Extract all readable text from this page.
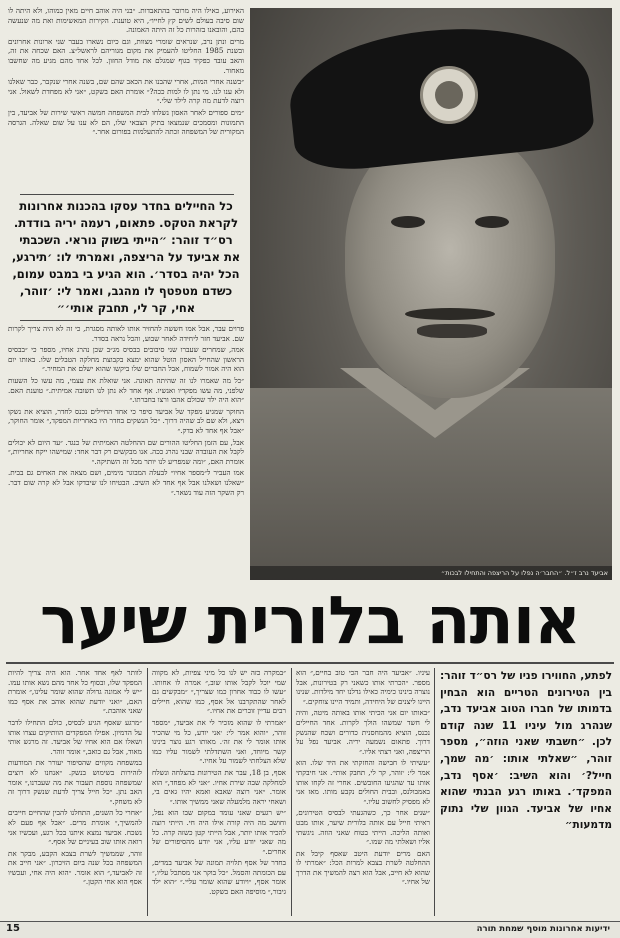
האירוע, כאילו היה מרובר בהתאבדות. ״בני היה אוהב חיים מאין כמוהו, ולא היתה לו שום סיבה בעולם לשים קץ לחייו״, היא טוענת. הקירות המאשימות ואת מה שנעשה בהם, והובאנו בזהרות כל זה היתה האמונה.

מרים ונתן נרב, שנראים שומרי מצוות, וגם כיום נשארו בעבר שני ארונות אחרונים ובשנת 1985 החליטו להעמיק את מקום מגוריהם לראשל״צ. האם שכחה את זה, והאב עובד כפקיד בגוף שמגלם את מודל החזון. לכל אחד מהם מגיע מה שחשבו מאחור.

״בשנה אחרי המות, אחרי שהבנו את הכאב שהם שם, בשנה אחרי שנקבר, כבר שאלנו ולא ענו לנו. מי נתן לו למות ככה?״ אומרת האם בשקט, ״אני לא מפחדת לשאול. אני רוצה לדעת מה קרה לילד שלי.״

״מים ספורים לאחר האסון נשלחו לבית המשפחה חמשה ראשי שירות של אביעד, בין התמונות ומסמכים שנמצאו בתיק הצבאי שלו, הם לא ענו על שום שאלה. הגרסה המקורית של המשפחה זכתה להתעלמות בפורום אחר.״

כל החיילים בחדר עסקו בהכנות אחרונות לקראת הטקס. פתאום, רעמה יריה בודדת. רס״ד זוהר: ״הייתי בשוק נוראי. השכבתי את אביעד על הריצפה, ואמרתי לו: ׳תירגע, הכל יהיה בסדר׳. הוא הגיע בי במבט עמום, כשדם מטפטף לו מהגב, ואמר לי: ׳זוהר, אחי, קר לי, תחבק אותי׳״

פרוים עבר, אבל אמו חששה להחזיר אותו לאותה מסגרת, כי זה לא היה צריך לקרות שם. אביעד חזר ליחידה לאחר שבוע, והכל נראה בסדר.

אמה, שמחרים שעברו שני סיבובים בבסיס מג״ב שכן נהרג אחיו, מספר כי ״בבסיס הראשון שהחייל האסון הוטל שהוא ימצא בקבוצת מחלקה הטבלים שלו. באותו יום הוא היה אמור לשמוח, אבל החברים שלו ביקשו שהוא ישלם את המחיר.״

״כל מה שאמרו לנו זה שהיתה תאונה. אני שואלת את עצמי, מה עשו כל השעות שלפני, מה עשו מפקדיו ואנשיו. אף אחד לא נתן לנו תשובה אמיתית.״ טוענת האם. ״הוא היה ילד שכולם אהבו ורצו בחברתו.״

החוקר שמגיע מפקד של אביעד סיפר כי אחד החיילים נכנס לחדר, הוציא את נשקו ויצא, ולא שם לב שהיה דרוך. ״כל הנשקים בחדר היו באחריות המפקד,״ אומר החוקר, ״אבל אף אחד לא בדק.״

אבל, עם הזמן החליטו ההורים שם ההחלטה האמיתית של כנגד. ״עד היום לא יכולים לקבל את העובדה שבני נהרג ככה. אנו מבקשים רק דבר אחד: שמישהו ייקח אחריות,״ אומרת האם, ״ומה שמפריע לנו יותר מכל זה השתיקה.״

אמו העביר ל״מספר אחיו״ לבעלה המבוגר מימים, ושם מצאה את האחים גם בבית. ״שאלנו ושאלנו אבל אף אחד לא השיב. הבטיחו לנו שיבדקו אבל לא קרה שום דבר. רק השקר הזה עוד נשאר.״

אביעד נרב ז״ל. ״החבר׳ה נפלו על הריצפה והתחילו לבכות״
אותה בלורית שיער
לפתע, החווירו פניו של רס״ד זוהר: בין הטירונים הטריים הוא הבחין בדמותו של חברו הטוב אביעד נדב, שנהרג מול עיניו 11 שנה קודם לכן. ״חשבתי שאני הוזה״, מספר זוהר, ״שאלתי אותו: ׳מה שמך, חייל?׳ והוא השיב: ׳אסף נדב, המפקד׳. באותו רגע הבנתי שהוא אחיו של אביעד. הגוון שלי נתוק מדמעות״

עיניו. ״אביעד היה חבר הכי טוב בחיים,״ הוא מספר. ״הכרתי אותו כשאני רק בטירונות, אבל נוצרה בינינו כימיה כאילו גדלנו יחד מילדות. שנינו היינו ליצנים של היחידה, ותמיד היינו צוחקים.״

״באותו יום אני הכיתי אותו באותה מיטה, והיה לי חשד שמשהו הולך לקרות. אחד החיילים נכנס, הוציא מהמחסנית כדורים ושכח שהנשק דרוך. פתאום נשמעה יריה. אביעד נפל על הריצפה, ואני רצתי אליו.״

״עשיתי לו חבישה והחזקתי את היד שלו. הוא אמר לי: ׳זוהר, קר לי, תחבק אותי׳. אני חיבקתי אותו עד שהגיעו החובשים. אחרי זה לקחו אותו באמבולנס, ובבית החולים נקבע מותו. מאז אני לא מפסיק לחשוב עליו.״

״שנים אחר כך, כשהגעתי לבסיס הטירונים, ראיתי חייל עם אותה בלורית שיער, אותו מבט ואותה הליכה. הייתי בטוח שאני הוזה. ניגשתי אליו ושאלתי מה שמו.״

האם מרים יודעת היטב שאסף קיבל את ההחלטה לשרת בצבא למרות הכל: ״אמרתי לו שהוא לא חייב, אבל הוא רצה להמשיך את הדרך של אחיו.״

״במקרה כזה יש לנו כל מיני צפיות, לא מקווה שמי יוכל לקבל אותו שוב,״ אמרה לו אחותו. ״עשו לו כבוד אחרון כמו שצריך,״ ״מבקשים גם לאחר שהתקרבנו אל אסף, כמו שהוא, חיילים רבים עדיין זוכרים את אחיו.״

״אמרתי לו שהוא מזכיר לי את אביעד, ״מספר זוהר, ״והוא אמר לי: ׳אני יודע, כל מי שהכיר אותו אומר לי את זה׳. מאותו רגע נוצר בינינו קשר מיוחד, ואני השתדלתי לשמור עליו כמו שלא הצלחתי לשמור על אחיו.״

אסף, בן 18, עבר את הטירונות בהצלחה ונשלח למחלקה שבה שירת אחיו. ״אני לא מפחד,״ הוא אומר. ״אני רוצה שאבא ואמא יהיו גאים בי, ושאחי יראה מלמעלה שאני ממשיך אותו.״

״יש רגעים שאני עומד במקום שבו הוא נפל, וחושב מה היה קורה אילו היה חי. הייתי רוצה להכיר אותו יותר, אבל הייתי קטן כשזה קרה. כל מה שאני יודע עליו, אני יודע מהסיפורים של אחרים.״

בחדר של אסף תלויה תמונה של אביעד במדים, עם הכומתה והסמל. ״כל בוקר אני מסתכל עליו,״ אומר אסף, ״ויודע שהוא שומר עליי.״ ״הוא ילד גיבור,״ מוסיפה האם בשקט.

לוותר לאף אחד אחר. הוא היה צריך להיות המפקד שלו, ובסוף כל אחד מהם נשא אותו עמו. ״יש לי אמונה גדולה שהוא שומר עלינו,״ אומרת האם, ״ואני יודעת שהוא אוהב את אסף כמו שאני אוהבת.״

״מרגע שאסף הגיע לבסיס, כולם התחילו לדבר על הדמיון. אפילו המפקדים הוותיקים עצרו אותו ושאלו אם הוא אחיו של אביעד. זה מרגש אותי מאוד, אבל גם כואב,״ אומר זוהר.

במשפחה מקווים שהסיפור יעורר את המודעות לזהירות בשימוש בנשק. ״אנחנו לא רוצים שמשפחה נוספת תעבור את מה שעברנו,״ אומר האב נתן. ״כל חייל צריך לדעת שנשק דרוך זה לא משחק.״

״אחרי כל השנים, התחלנו להבין שהחיים חייבים להמשיך,״ אומרת מרים. ״אבל אף פעם לא נשכח. אביעד נמצא איתנו בכל רגע, ועכשיו אני רואה אותו שוב בעיניים של אסף.״

זוהר, שממשיך לשרת בצבא הקבע, מבקר את המשפחה בכל שנה ביום הזיכרון. ״אני חייב את זה לאביעד,״ הוא אומר. ״הוא היה אחי, ועכשיו אסף הוא אחי הקטן.״

15	ידיעות אחרונות מוסף שמחת תורה
